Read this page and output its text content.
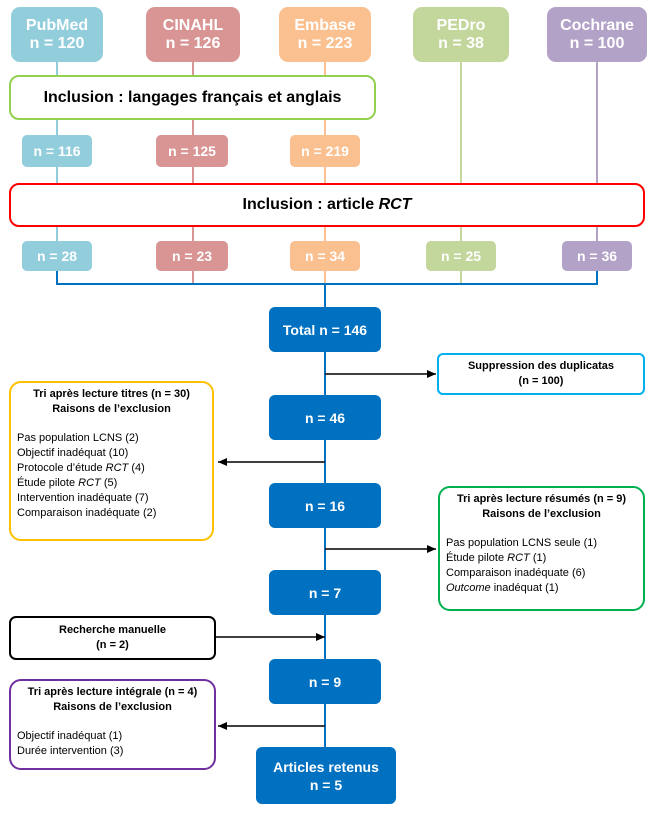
PubMed
n = 120
CINAHL
n = 126
Embase
n = 223
PEDro
n = 38
Cochrane
n = 100
Inclusion : langages français et anglais
n = 116	n = 125	n = 219
Inclusion : article RCT
n = 28	n = 23	n = 34	n = 25	n = 36
Total n = 146
n = 46
n = 16
n = 7
n = 9
Articles retenus
n = 5
Suppression des duplicatas
(n = 100)
Tri après lecture titres (n = 30)
Raisons de l’exclusion
Pas population LCNS (2)
Objectif inadéquat (10)
Protocole d’étude RCT (4)
Étude pilote RCT (5)
Intervention inadéquate (7)
Comparaison inadéquate (2)
Tri après lecture résumés (n = 9)
Raisons de l’exclusion
Pas population LCNS seule (1)
Étude pilote RCT (1)
Comparaison inadéquate (6)
Outcome inadéquat (1)
Recherche manuelle
(n = 2)
Tri après lecture intégrale (n = 4)
Raisons de l’exclusion
Objectif inadéquat (1)
Durée intervention (3)
